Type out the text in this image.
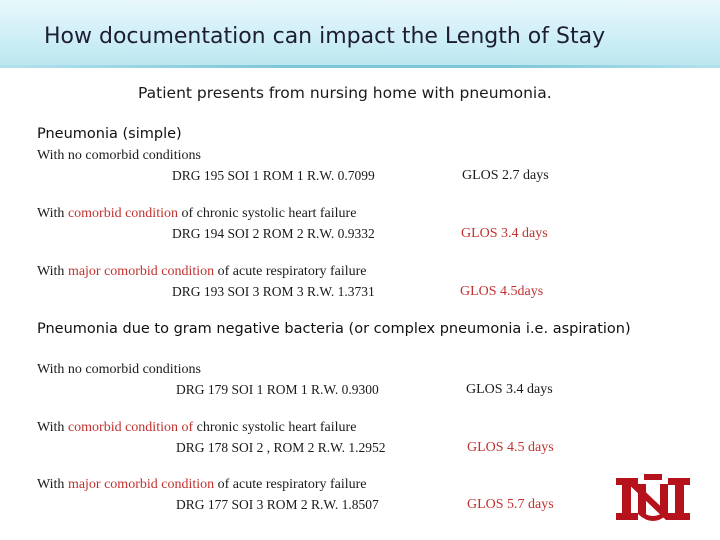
How documentation can impact the Length of Stay
Patient presents from nursing home with pneumonia.
Pneumonia (simple)
With no comorbid conditions
DRG 195 SOI 1 ROM 1 R.W. 0.7099	GLOS 2.7 days
With comorbid condition of chronic systolic heart failure
DRG 194 SOI 2 ROM 2 R.W. 0.9332	GLOS 3.4 days
With major comorbid condition of acute respiratory failure
DRG 193 SOI 3 ROM 3 R.W. 1.3731	GLOS 4.5days
Pneumonia due to gram negative bacteria (or complex pneumonia i.e. aspiration)
With no comorbid conditions
DRG 179 SOI 1 ROM 1 R.W. 0.9300	GLOS 3.4 days
With comorbid condition of chronic systolic heart failure
DRG 178 SOI 2 , ROM 2 R.W. 1.2952	GLOS 4.5 days
With major comorbid condition of acute respiratory failure
DRG 177 SOI 3 ROM 2 R.W. 1.8507	GLOS 5.7 days
